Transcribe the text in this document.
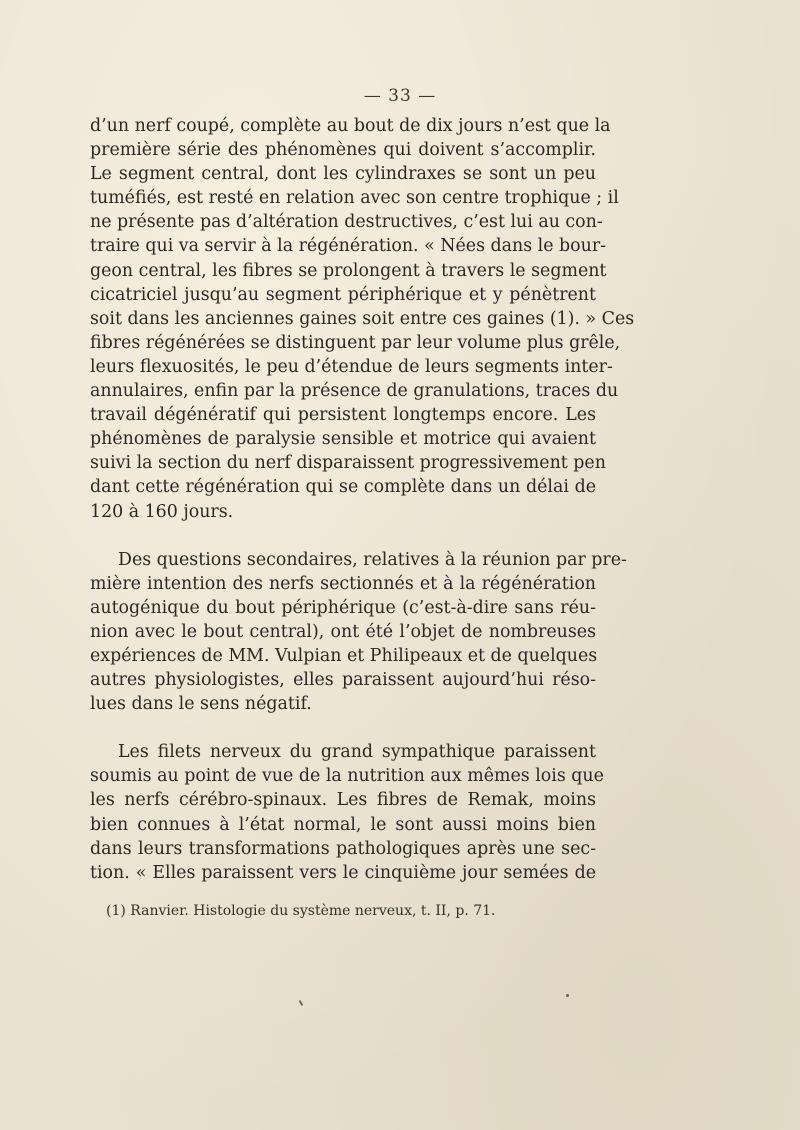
— 33 —
d’un nerf coupé, complète au bout de dix jours n’est que la
première série des phénomènes qui doivent s’accomplir.
Le segment central, dont les cylindraxes se sont un peu
tuméfiés, est resté en relation avec son centre trophique ; il
ne présente pas d’altération destructives, c’est lui au con-
traire qui va servir à la régénération. « Nées dans le bour-
geon central, les fibres se prolongent à travers le segment
cicatriciel jusqu’au segment périphérique et y pénètrent
soit dans les anciennes gaines soit entre ces gaines (1). » Ces
fibres régénérées se distinguent par leur volume plus grêle,
leurs flexuosités, le peu d’étendue de leurs segments inter-
annulaires, enfin par la présence de granulations, traces du
travail dégénératif qui persistent longtemps encore. Les
phénomènes de paralysie sensible et motrice qui avaient
suivi la section du nerf disparaissent progressivement pen
dant cette régénération qui se complète dans un délai de
120 à 160 jours.
Des questions secondaires, relatives à la réunion par pre-
mière intention des nerfs sectionnés et à la régénération
autogénique du bout périphérique (c’est-à-dire sans réu-
nion avec le bout central), ont été l’objet de nombreuses
expériences de MM. Vulpian et Philipeaux et de quelques
autres physiologistes, elles paraissent aujourd’hui réso-
lues dans le sens négatif.
Les filets nerveux du grand sympathique paraissent
soumis au point de vue de la nutrition aux mêmes lois que
les nerfs cérébro-spinaux. Les fibres de Remak, moins
bien connues à l’état normal, le sont aussi moins bien
dans leurs transformations pathologiques après une sec-
tion. « Elles paraissent vers le cinquième jour semées de
(1) Ranvier. Histologie du système nerveux, t. II, p. 71.
